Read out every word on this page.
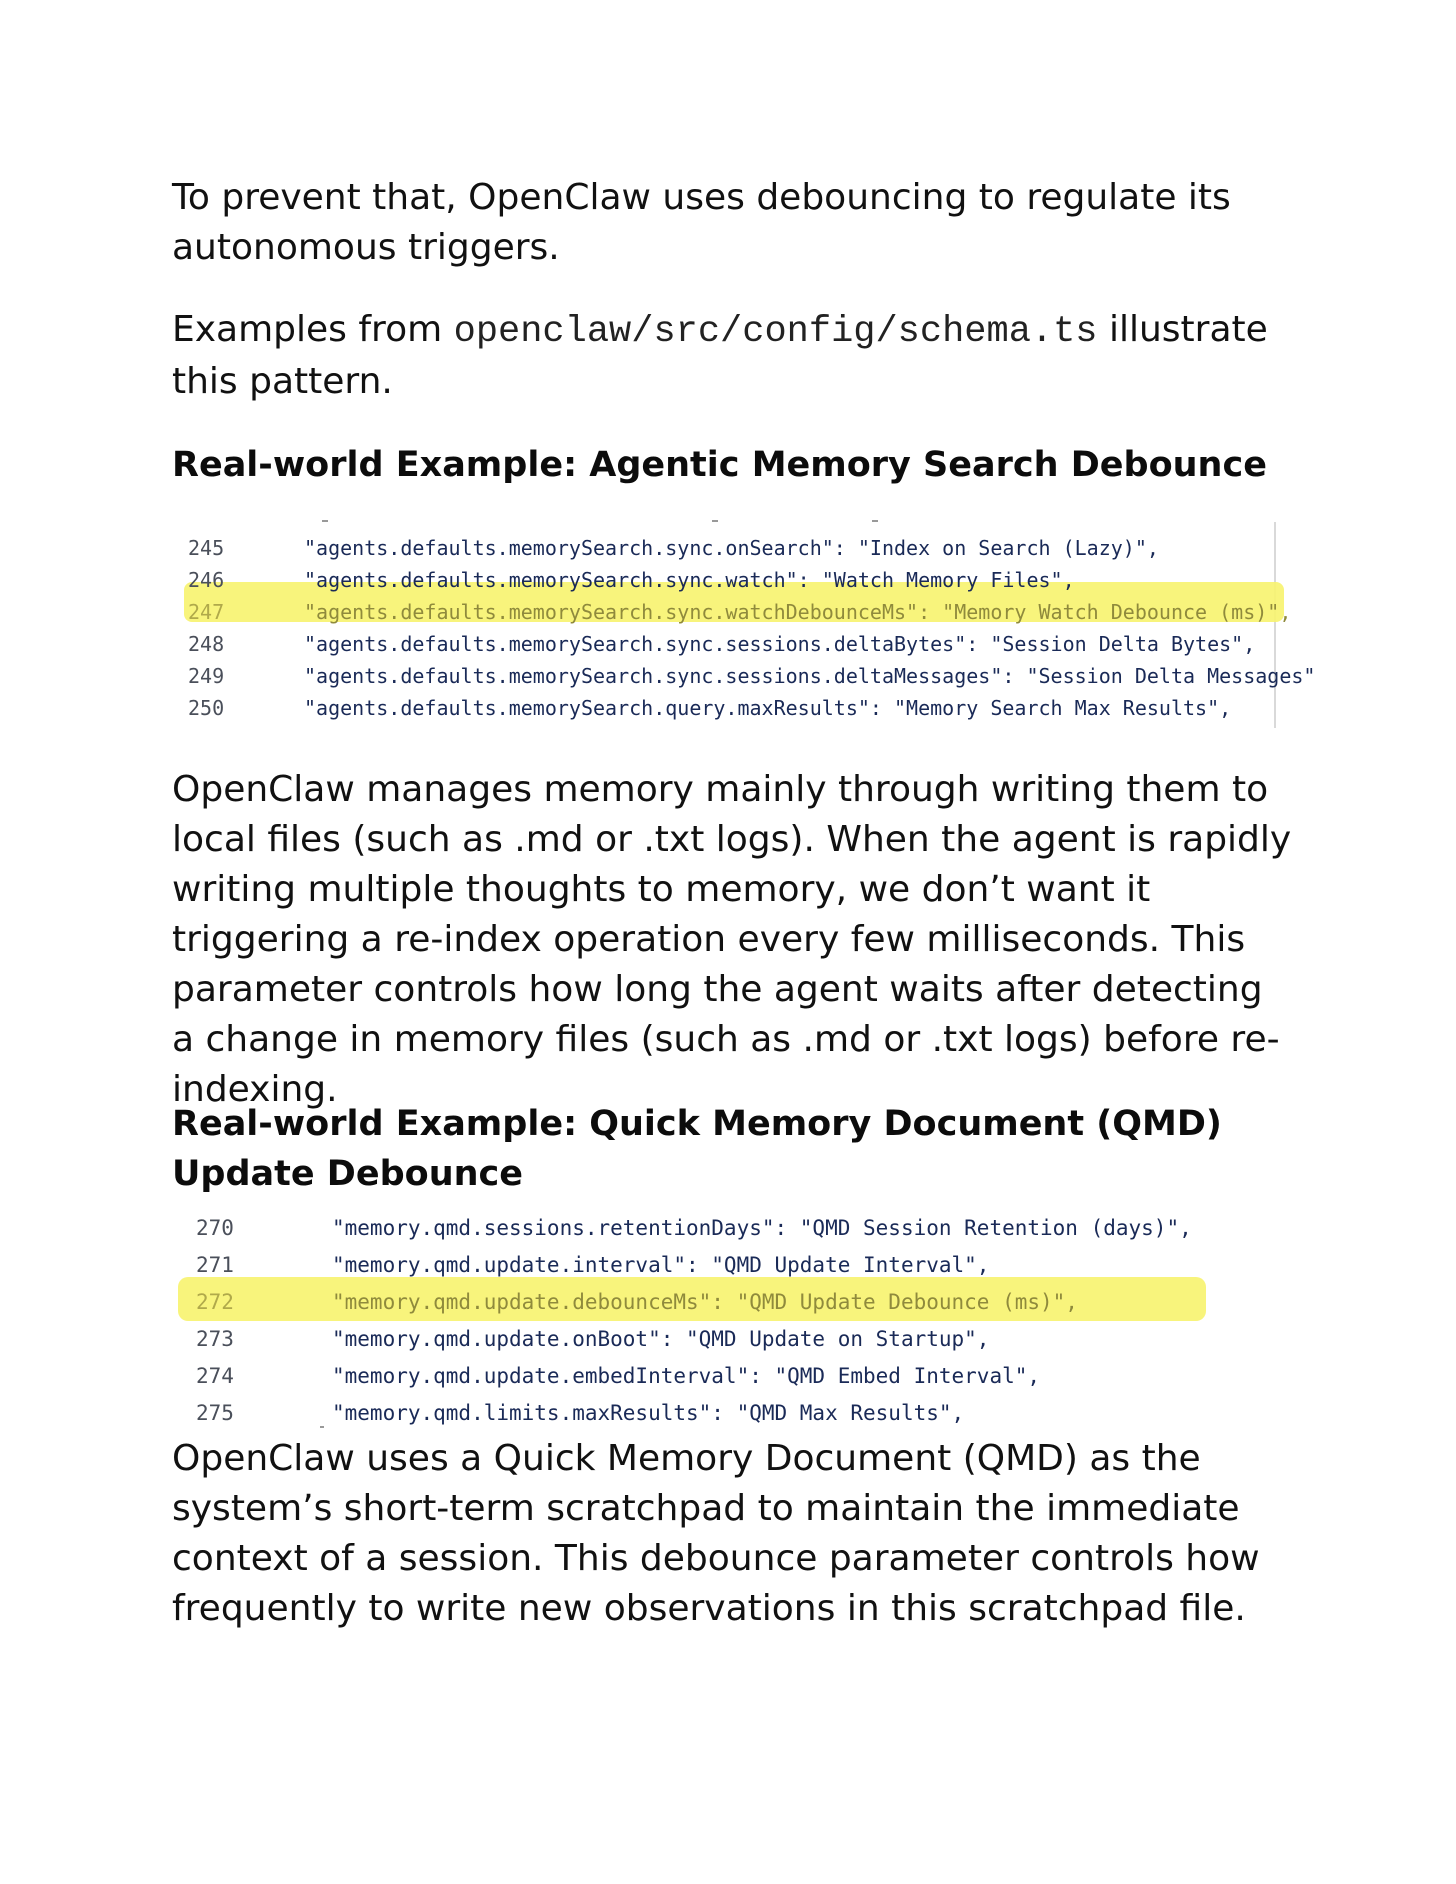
To prevent that, OpenClaw uses debouncing to regulate its autonomous triggers.

Examples from openclaw/src/config/schema.ts illustrate this pattern.

Real-world Example: Agentic Memory Search Debounce
245	"agents.defaults.memorySearch.sync.onSearch": "Index on Search (Lazy)",
246	"agents.defaults.memorySearch.sync.watch": "Watch Memory Files",
247	"agents.defaults.memorySearch.sync.watchDebounceMs": "Memory Watch Debounce (ms)",
248	"agents.defaults.memorySearch.sync.sessions.deltaBytes": "Session Delta Bytes",
249	"agents.defaults.memorySearch.sync.sessions.deltaMessages": "Session Delta Messages"
250	"agents.defaults.memorySearch.query.maxResults": "Memory Search Max Results",

OpenClaw manages memory mainly through writing them to local files (such as .md or .txt logs). When the agent is rapidly writing multiple thoughts to memory, we don’t want it triggering a re-index operation every few milliseconds. This parameter controls how long the agent waits after detecting a change in memory files (such as .md or .txt logs) before re-indexing.

Real-world Example: Quick Memory Document (QMD) Update Debounce
270	"memory.qmd.sessions.retentionDays": "QMD Session Retention (days)",
271	"memory.qmd.update.interval": "QMD Update Interval",
272	"memory.qmd.update.debounceMs": "QMD Update Debounce (ms)",
273	"memory.qmd.update.onBoot": "QMD Update on Startup",
274	"memory.qmd.update.embedInterval": "QMD Embed Interval",
275	"memory.qmd.limits.maxResults": "QMD Max Results",

OpenClaw uses a Quick Memory Document (QMD) as the system’s short-term scratchpad to maintain the immediate context of a session. This debounce parameter controls how frequently to write new observations in this scratchpad file.
